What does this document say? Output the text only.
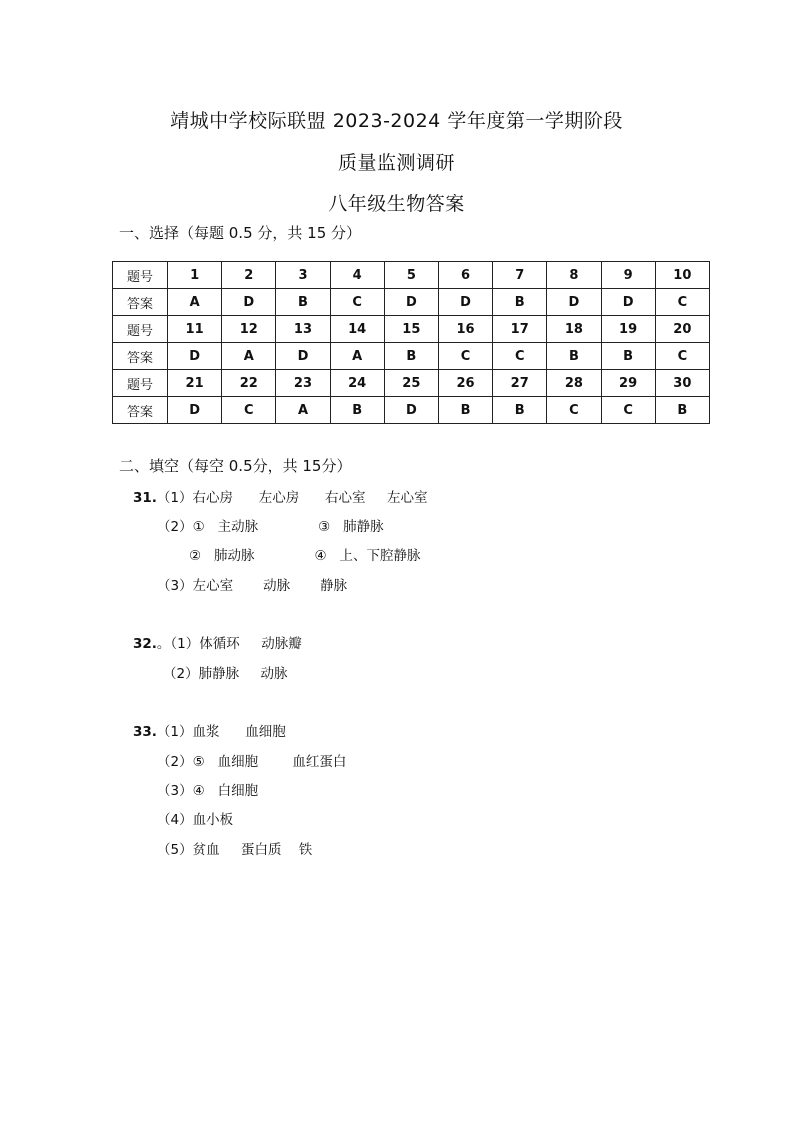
靖城中学校际联盟 2023-2024 学年度第一学期阶段
质量监测调研
八年级生物答案
一、选择（每题 0.5 分，共 15 分）
题号	1	2	3	4	5	6	7	8	9	10
答案	A	D	B	C	D	D	B	D	D	C
题号	11	12	13	14	15	16	17	18	19	20
答案	D	A	D	A	B	C	C	B	B	C
题号	21	22	23	24	25	26	27	28	29	30
答案	D	C	A	B	D	B	B	C	C	B
二、填空（每空 0.5分，共 15分）
31.（1）右心房      左心房      右心室     左心室
（2）①   主动脉              ③   肺静脉
②   肺动脉              ④   上、下腔静脉
（3）左心室       动脉       静脉
32.。（1）体循环     动脉瓣
（2）肺静脉     动脉
33.（1）血浆      血细胞
（2）⑤   血细胞        血红蛋白
（3）④   白细胞
（4）血小板
（5）贫血     蛋白质    铁
